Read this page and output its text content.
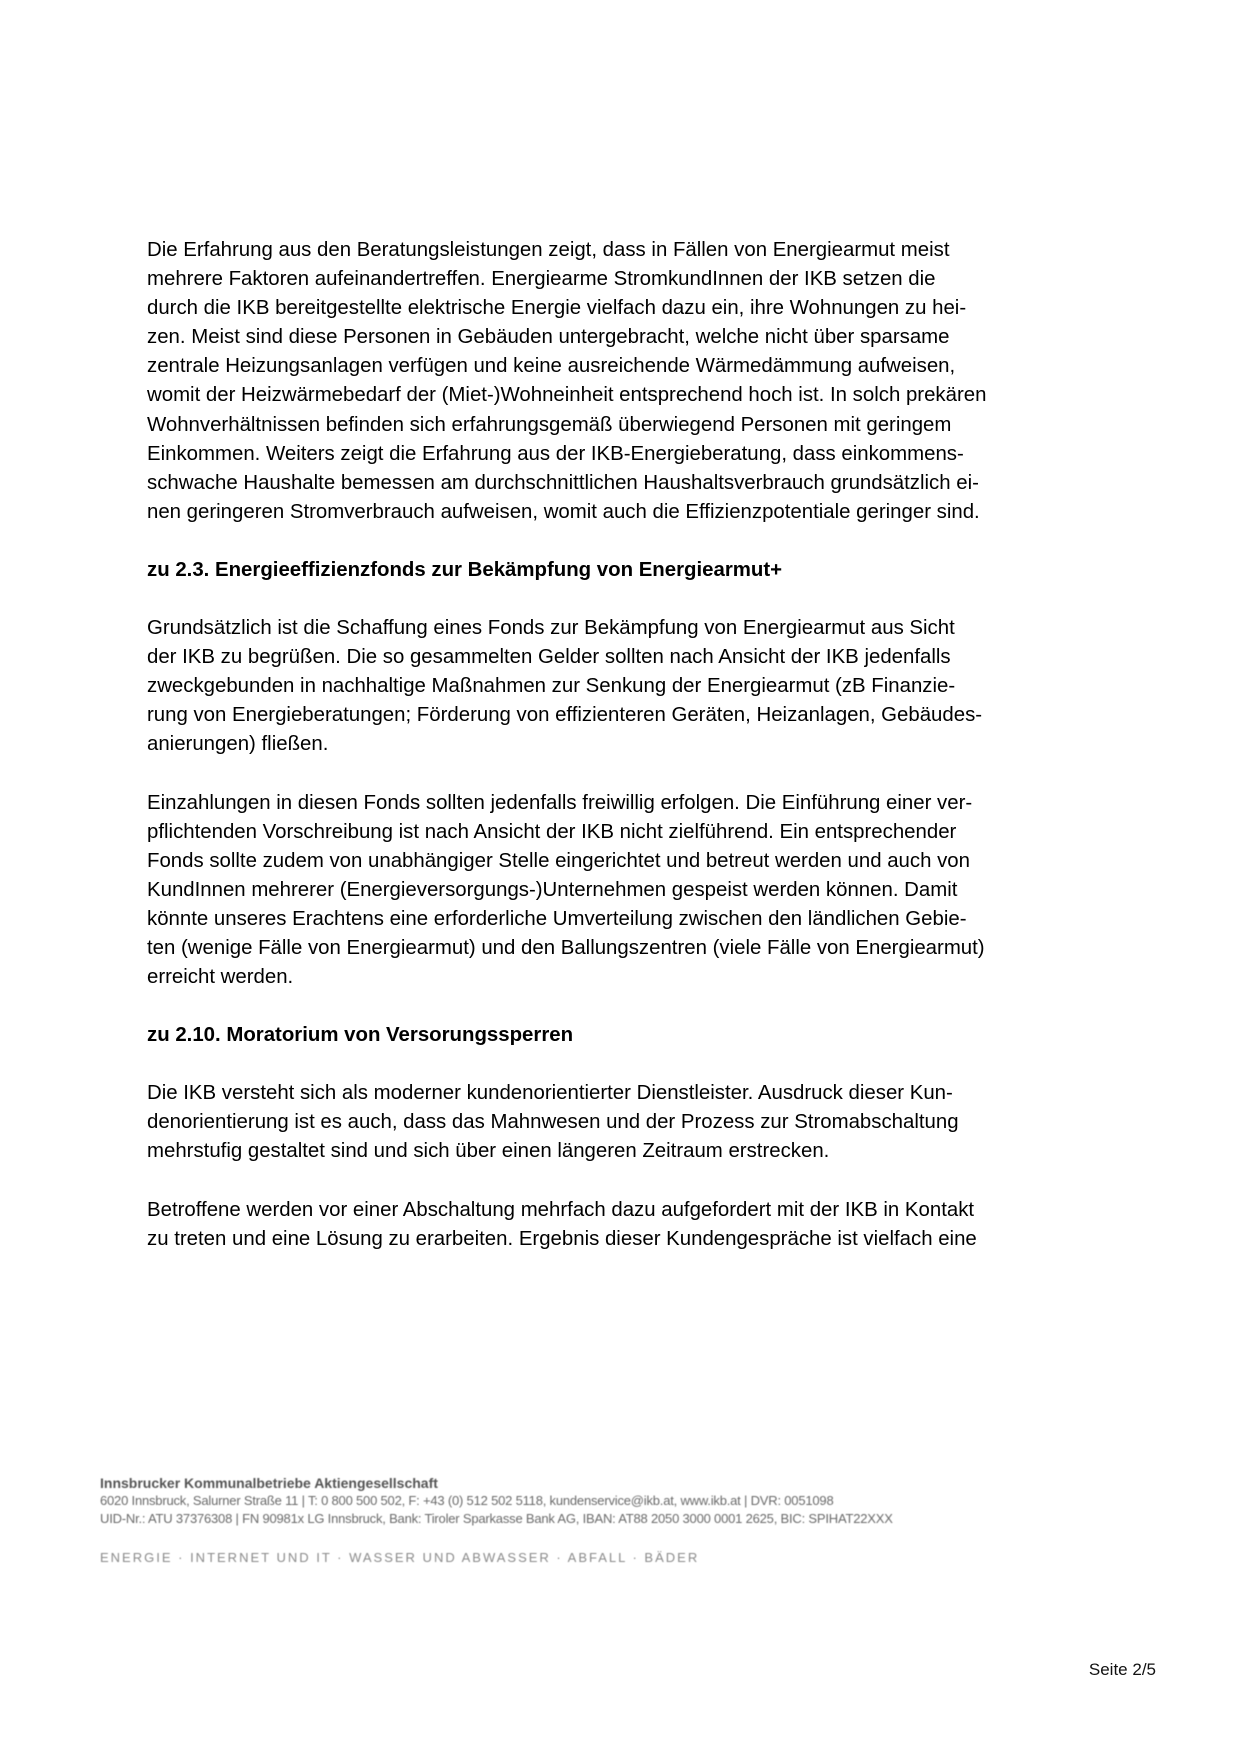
Die Erfahrung aus den Beratungsleistungen zeigt, dass in Fällen von Energiearmut meist
mehrere Faktoren aufeinandertreffen. Energiearme StromkundInnen der IKB setzen die
durch die IKB bereitgestellte elektrische Energie vielfach dazu ein, ihre Wohnungen zu hei-
zen. Meist sind diese Personen in Gebäuden untergebracht, welche nicht über sparsame
zentrale Heizungsanlagen verfügen und keine ausreichende Wärmedämmung aufweisen,
womit der Heizwärmebedarf der (Miet-)Wohneinheit entsprechend hoch ist. In solch prekären
Wohnverhältnissen befinden sich erfahrungsgemäß überwiegend Personen mit geringem
Einkommen. Weiters zeigt die Erfahrung aus der IKB-Energieberatung, dass einkommens-
schwache Haushalte bemessen am durchschnittlichen Haushaltsverbrauch grundsätzlich ei-
nen geringeren Stromverbrauch aufweisen, womit auch die Effizienzpotentiale geringer sind.

zu 2.3. Energieeffizienzfonds zur Bekämpfung von Energiearmut+

Grundsätzlich ist die Schaffung eines Fonds zur Bekämpfung von Energiearmut aus Sicht
der IKB zu begrüßen. Die so gesammelten Gelder sollten nach Ansicht der IKB jedenfalls
zweckgebunden in nachhaltige Maßnahmen zur Senkung der Energiearmut (zB Finanzie-
rung von Energieberatungen; Förderung von effizienteren Geräten, Heizanlagen, Gebäudes-
anierungen) fließen.

Einzahlungen in diesen Fonds sollten jedenfalls freiwillig erfolgen. Die Einführung einer ver-
pflichtenden Vorschreibung ist nach Ansicht der IKB nicht zielführend. Ein entsprechender
Fonds sollte zudem von unabhängiger Stelle eingerichtet und betreut werden und auch von
KundInnen mehrerer (Energieversorgungs-)Unternehmen gespeist werden können. Damit
könnte unseres Erachtens eine erforderliche Umverteilung zwischen den ländlichen Gebie-
ten (wenige Fälle von Energiearmut) und den Ballungszentren (viele Fälle von Energiearmut)
erreicht werden.

zu 2.10. Moratorium von Versorungssperren

Die IKB versteht sich als moderner kundenorientierter Dienstleister. Ausdruck dieser Kun-
denorientierung ist es auch, dass das Mahnwesen und der Prozess zur Stromabschaltung
mehrstufig gestaltet sind und sich über einen längeren Zeitraum erstrecken.

Betroffene werden vor einer Abschaltung mehrfach dazu aufgefordert mit der IKB in Kontakt
zu treten und eine Lösung zu erarbeiten. Ergebnis dieser Kundengespräche ist vielfach eine

Innsbrucker Kommunalbetriebe Aktiengesellschaft
6020 Innsbruck, Salurner Straße 11 | T: 0 800 500 502, F: +43 (0) 512 502 5118, kundenservice@ikb.at, www.ikb.at | DVR: 0051098
UID-Nr.: ATU 37376308 | FN 90981x LG Innsbruck, Bank: Tiroler Sparkasse Bank AG, IBAN: AT88 2050 3000 0001 2625, BIC: SPIHAT22XXX
ENERGIE · INTERNET UND IT · WASSER UND ABWASSER · ABFALL · BÄDER
Seite 2/5
